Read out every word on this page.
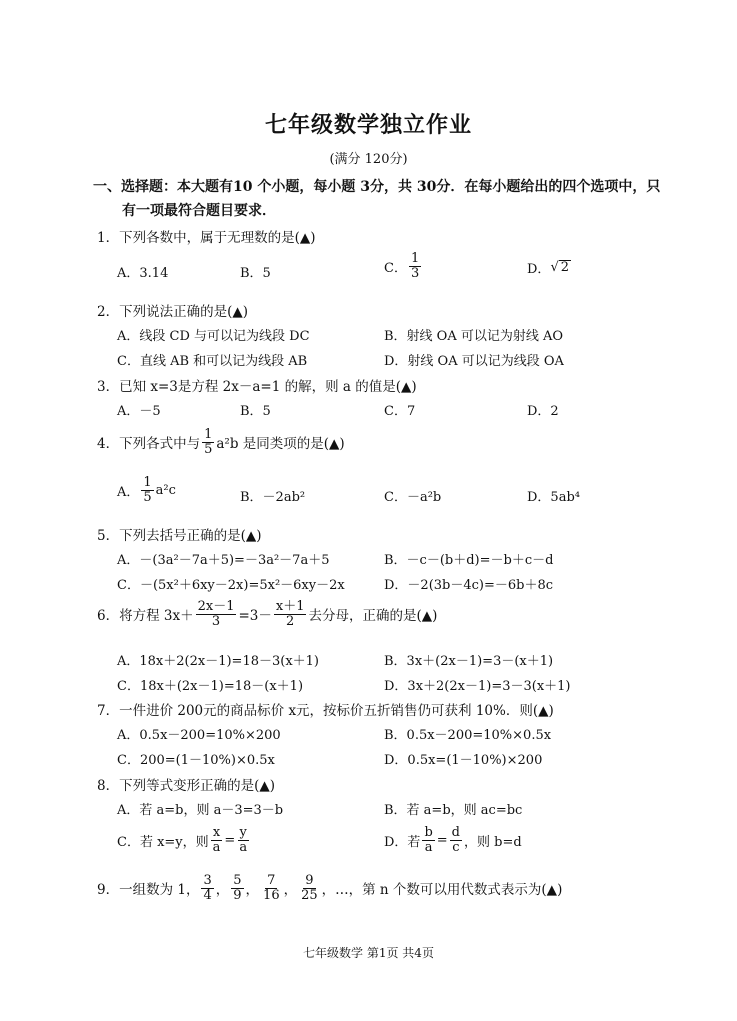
七年级数学独立作业
(满分 120分)
一、选择题：本大题有10 个小题，每小题 3分，共 30分．在每小题给出的四个选项中，只
有一项最符合题目要求．
1．下列各数中，属于无理数的是(▲)
A．3.14	B．5	C． $\frac{1}{3}$	D． √ 2
2．下列说法正确的是(▲)
A．线段 CD 与可以记为线段 DC	B．射线 OA 可以记为射线 AO
C．直线 AB 和可以记为线段 AB	D．射线 OA 可以记为线段 OA
3．已知 x=3是方程 2x－a=1 的解，则 a 的值是(▲)
A．－5	B．5	C．7	D．2
4．下列各式中与 $\frac{1}{5} a^2b$ 是同类项的是(▲)
A． $\frac{1}{5} a^2c$	B．－2ab²	C．－a²b	D．5ab⁴
5．下列去括号正确的是(▲)
A．－(3a²－7a＋5)=－3a²－7a＋5	B．－c－(b＋d)=－b＋c－d
C．－(5x²＋6xy－2x)=5x²－6xy－2x	D．－2(3b－4c)=－6b＋8c
6．将方程 $3x+ \frac{2x-1}{3} =3- \frac{x+1}{2}$ 去分母，正确的是(▲)
A．18x＋2(2x－1)=18－3(x＋1)	B．3x＋(2x－1)=3－(x＋1)
C．18x＋(2x－1)=18－(x＋1)	D．3x＋2(2x－1)=3－3(x＋1)
7．一件进价 200元的商品标价 x元，按标价五折销售仍可获利 10%．则(▲)
A．0.5x－200=10%×200	B．0.5x－200=10%×0.5x
C．200=(1－10%)×0.5x	D．0.5x=(1－10%)×200
8．下列等式变形正确的是(▲)
A．若 a=b，则 a－3=3－b	B．若 a=b，则 ac=bc
C．若 x=y，则 $\frac{x}{a} = \frac{y}{a}$	D．若 $\frac{b}{a} = \frac{d}{c}$ ，则 b=d
9．一组数为 1， $\frac{3}{4}$ ， $\frac{5}{9}$ ， $\frac{7}{16}$ ， $\frac{9}{25}$ ，…，第 n 个数可以用代数式表示为(▲)
七年级数学 第1页 共4页
